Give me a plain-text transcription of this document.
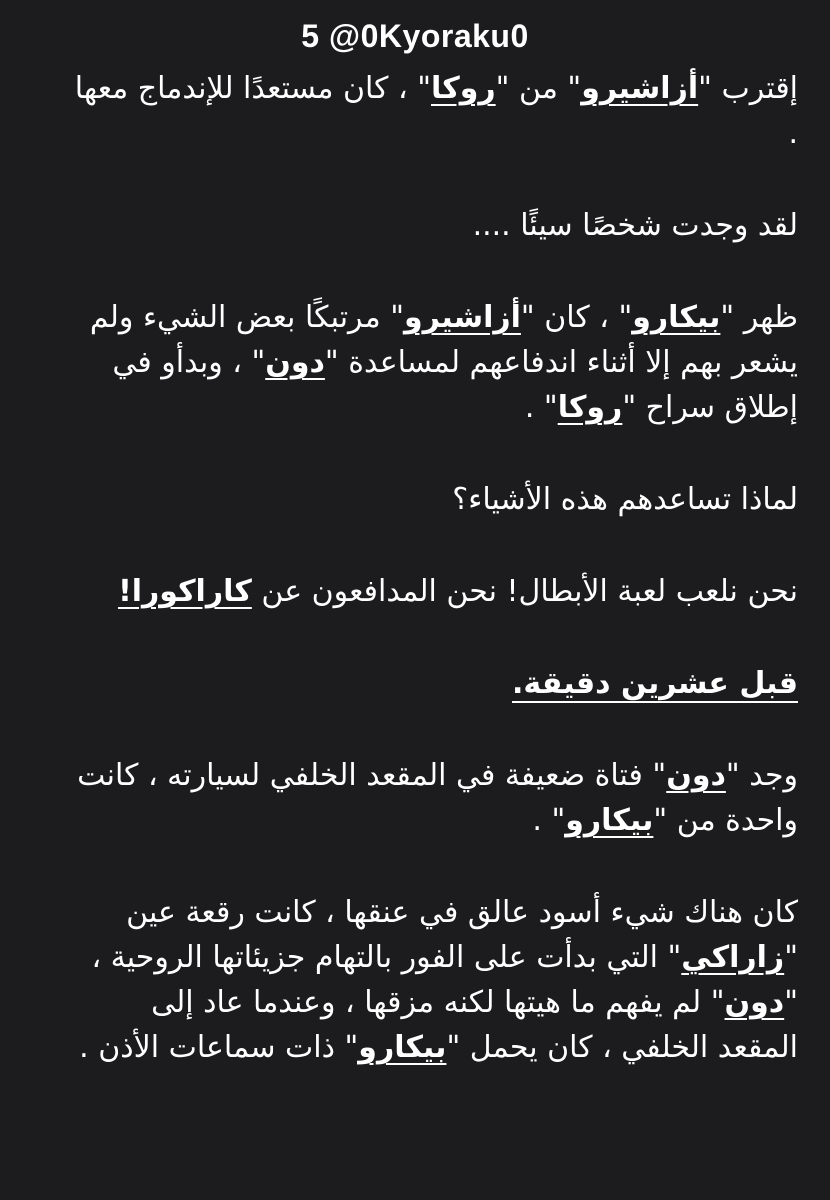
5 @0Kyoraku0

إقترب "أزاشيرو" من "روكا" ، كان مستعدًا للإندماج معها .

لقد وجدت شخصًا سيئًا ....

ظهر "بيكارو" ، كان "أزاشيرو" مرتبكًا بعض الشيء ولم يشعر بهم إلا أثناء اندفاعهم لمساعدة "دون" ، وبدأو في إطلاق سراح "روكا" .

لماذا تساعدهم هذه الأشياء؟

نحن نلعب لعبة الأبطال! نحن المدافعون عن كاراكورا!

قبل عشرين دقيقة.

وجد "دون" فتاة ضعيفة في المقعد الخلفي لسيارته ، كانت واحدة من "بيكارو" .

كان هناك شيء أسود عالق في عنقها ، كانت رقعة عين "زاراكي" التي بدأت على الفور بالتهام جزيئاتها الروحية ، "دون" لم يفهم ما هيتها لكنه مزقها ، وعندما عاد إلى المقعد الخلفي ، كان يحمل "بيكارو" ذات سماعات الأذن .
